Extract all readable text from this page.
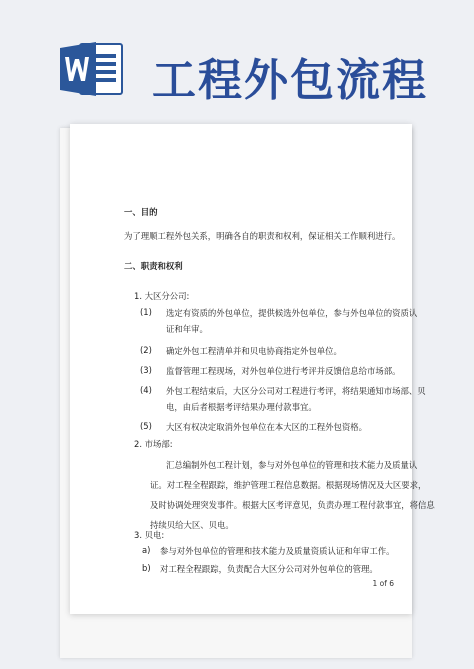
工程外包流程
一、目的
为了理顺工程外包关系，明确各自的职责和权利，保证相关工作顺利进行。
二、职责和权利
1. 大区分公司:
(1) 选定有资质的外包单位，提供候选外包单位，参与外包单位的资质认
证和年审。
(2) 确定外包工程清单并和贝电协商指定外包单位。
(3) 监督管理工程现场，对外包单位进行考评并反馈信息给市场部。
(4) 外包工程结束后，大区分公司对工程进行考评，将结果通知市场部、贝
电，由后者根据考评结果办理付款事宜。
(5) 大区有权决定取消外包单位在本大区的工程外包资格。
2. 市场部:
汇总编制外包工程计划，参与对外包单位的管理和技术能力及质量认
证。对工程全程跟踪，维护管理工程信息数据。根据现场情况及大区要求，
及时协调处理突发事件。根据大区考评意见，负责办理工程付款事宜，将信息
持续贝给大区、贝电。
3. 贝电:
a) 参与对外包单位的管理和技术能力及质量资质认证和年审工作。
b) 对工程全程跟踪，负责配合大区分公司对外包单位的管理。
1 of 6
